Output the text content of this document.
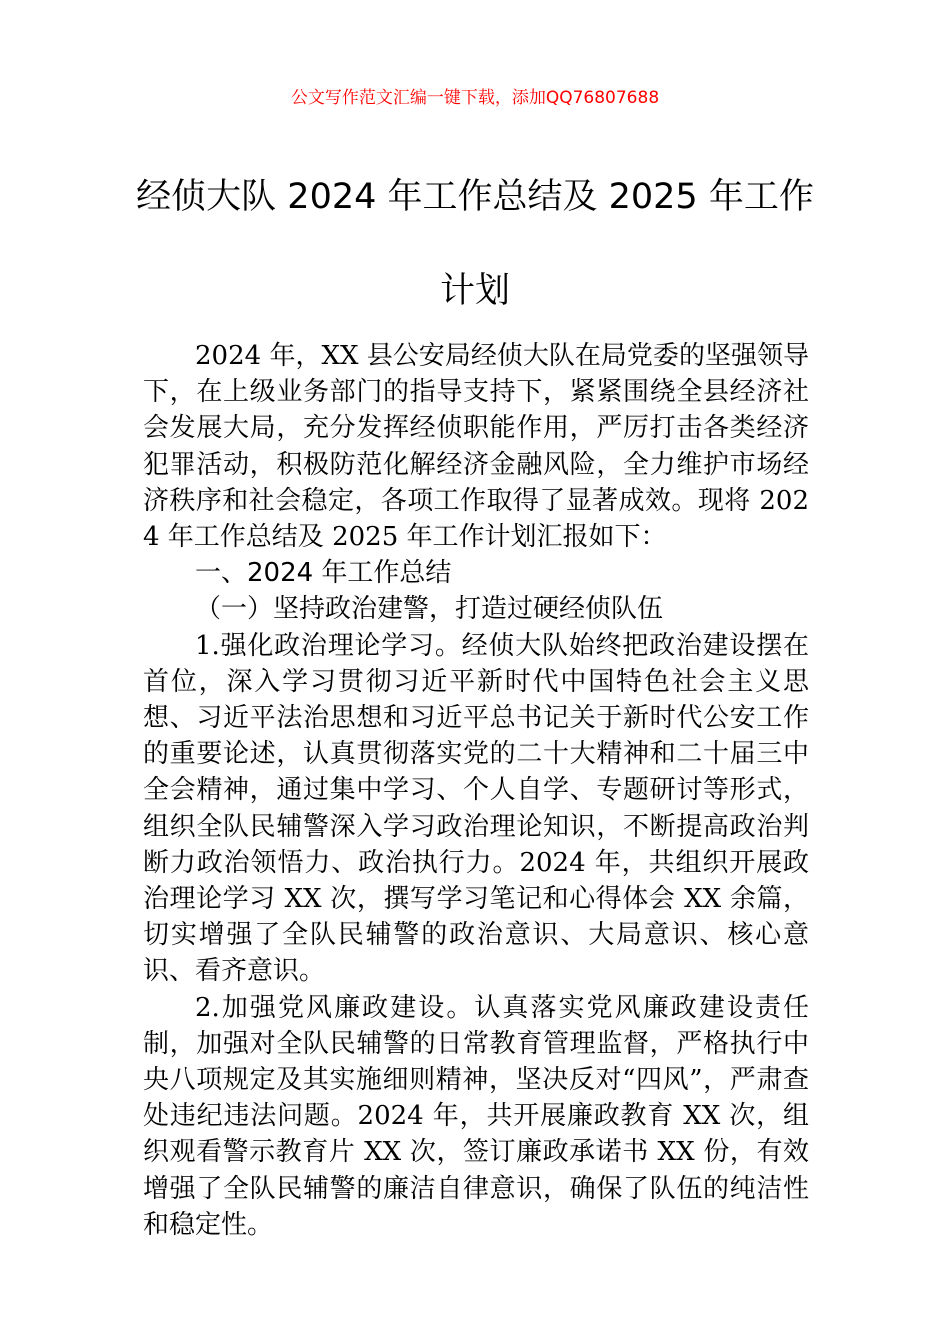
公文写作范文汇编一键下载，添加QQ76807688
经侦大队 2024 年工作总结及 2025 年工作计划

2024 年，XX 县公安局经侦大队在局党委的坚强领导下，在上级业务部门的指导支持下，紧紧围绕全县经济社会发展大局，充分发挥经侦职能作用，严厉打击各类经济犯罪活动，积极防范化解经济金融风险，全力维护市场经济秩序和社会稳定，各项工作取得了显著成效。现将 2024 年工作总结及 2025 年工作计划汇报如下：

一、2024 年工作总结

（一）坚持政治建警，打造过硬经侦队伍

1.强化政治理论学习。经侦大队始终把政治建设摆在首位，深入学习贯彻习近平新时代中国特色社会主义思想、习近平法治思想和习近平总书记关于新时代公安工作的重要论述，认真贯彻落实党的二十大精神和二十届三中全会精神，通过集中学习、个人自学、专题研讨等形式，组织全队民辅警深入学习政治理论知识，不断提高政治判断力政治领悟力、政治执行力。2024 年，共组织开展政治理论学习 XX 次，撰写学习笔记和心得体会 XX 余篇，切实增强了全队民辅警的政治意识、大局意识、核心意识、看齐意识。

2.加强党风廉政建设。认真落实党风廉政建设责任制，加强对全队民辅警的日常教育管理监督，严格执行中央八项规定及其实施细则精神，坚决反对“四风”，严肃查处违纪违法问题。2024 年，共开展廉政教育 XX 次，组织观看警示教育片 XX 次，签订廉政承诺书 XX 份，有效增强了全队民辅警的廉洁自律意识，确保了队伍的纯洁性和稳定性。
